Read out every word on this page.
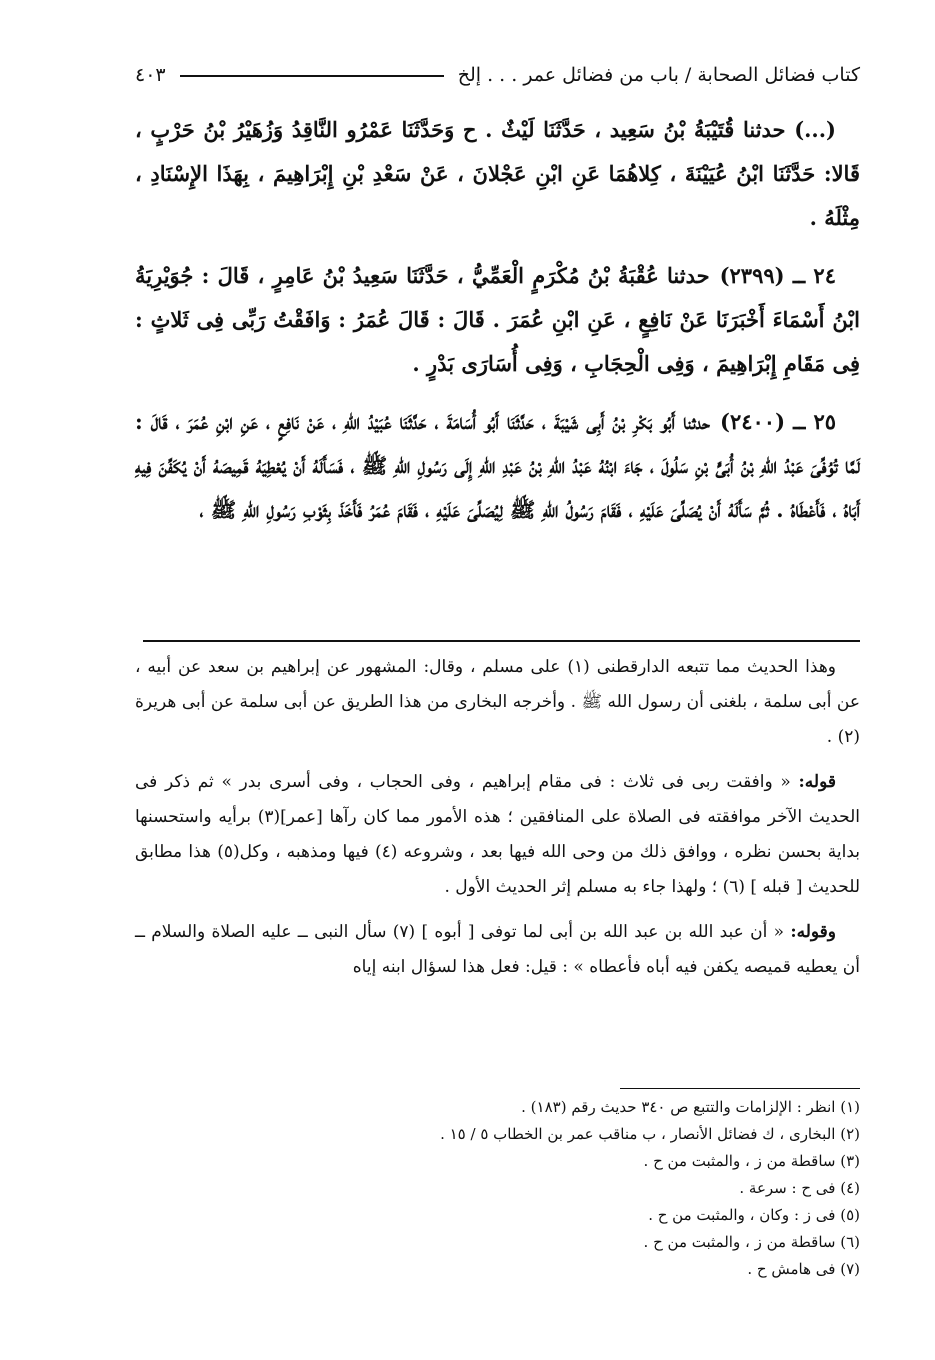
كتاب فضائل الصحابة / باب من فضائل عمر . . . إلخ
٤٠٣

(...) حدثنا قُتَيْبَةُ بْنُ سَعِيد ، حَدَّثَنَا لَيْثٌ . ح وَحَدَّثَنَا عَمْرُو النَّاقِدُ وَزُهَيْرُ بْنُ حَرْبٍ ، قَالا: حَدَّثَنَا ابْنُ عُيَيْنَةَ ، كِلاهُمَا عَنِ ابْنِ عَجْلانَ ، عَنْ سَعْدِ بْنِ إِبْرَاهِيمَ ، بِهَذَا الإِسْنَادِ ، مِثْلَهُ .

٢٤ ــ (٢٣٩٩)حدثنا عُقْبَةُ بْنُ مُكْرَمٍ الْعَمِّيُّ ، حَدَّثَنَا سَعِيدُ بْنُ عَامِرٍ ، قَالَ : جُوَيْرِيَةُ ابْنُ أَسْمَاءَ أَخْبَرَنَا عَنْ نَافِعٍ ، عَنِ ابْنِ عُمَرَ . قَالَ : قَالَ عُمَرُ : وَافَقْتُ رَبِّى فِى ثَلاثٍ : فِى مَقَامِ إِبْرَاهِيمَ ، وَفِى الْحِجَابِ ، وَفِى أُسَارَى بَدْرٍ .

٢٥ ــ (٢٤٠٠)حدثنا أَبُو بَكْرِ بْنُ أَبِى شَيْبَةَ ، حَدَّثَنَا أَبُو أُسَامَةَ ، حَدَّثَنَا عُبَيْدُ اللهِ ، عَنْ نَافِعٍ ، عَنِ ابْنِ عُمَرَ ، قَالَ : لَمَّا تُوُفِّىَ عَبْدُ اللهِ بْنُ أُبَىٍّ بْنِ سَلُولَ ، جَاءَ ابْنُهُ عَبْدُ اللهِ بْنُ عَبْدِ اللهِ إِلَى رَسُولِ اللهِ ﷺ ، فَسَأَلَهُ أَنْ يُعْطِيَهُ قَمِيصَهُ أَنْ يُكَفِّنَ فِيهِ أَبَاهُ ، فَأَعْطَاهُ . ثُمَّ سَأَلَهُ أَنْ يُصَلِّىَ عَلَيْهِ ، فَقَامَ رَسُولُ اللهِ ﷺ لِيُصَلِّىَ عَلَيْهِ ، فَقَامَ عُمَرُ فَأَخَذَ بِثَوْبِ رَسُولِ اللهِ ﷺ ،

وهذا الحديث مما تتبعه الدارقطنى (١) على مسلم ، وقال: المشهور عن إبراهيم بن سعد عن أبيه ، عن أبى سلمة ، بلغنى أن رسول الله ﷺ . وأخرجه البخارى من هذا الطريق عن أبى سلمة عن أبى هريرة (٢) .

قوله: « وافقت ربى فى ثلاث : فى مقام إبراهيم ، وفى الحجاب ، وفى أسرى بدر » ثم ذكر فى الحديث الآخر موافقته فى الصلاة على المنافقين ؛ هذه الأمور مما كان رآها [عمر](٣) برأيه واستحسنها بداية بحسن نظره ، ووافق ذلك من وحى الله فيها بعد ، وشروعه (٤) فيها ومذهبه ، وكل(٥) هذا مطابق للحديث [ قبله ] (٦) ؛ ولهذا جاء به مسلم إثر الحديث الأول .

وقوله: « أن عبد الله بن عبد الله بن أبى لما توفى [ أبوه ] (٧) سأل النبى ــ عليه الصلاة والسلام ــ أن يعطيه قميصه يكفن فيه أباه فأعطاه » : قيل: فعل هذا لسؤال ابنه إياه

(١) انظر : الإلزامات والتتبع ص ٣٤٠ حديث رقم (١٨٣) .
(٢) البخارى ، ك فضائل الأنصار ، ب مناقب عمر بن الخطاب ٥ / ١٥ .
(٣) ساقطة من ز ، والمثبت من ح .
(٤) فى ح : سرعة .
(٥) فى ز : وكان ، والمثبت من ح .
(٦) ساقطة من ز ، والمثبت من ح .
(٧) فى هامش ح .
